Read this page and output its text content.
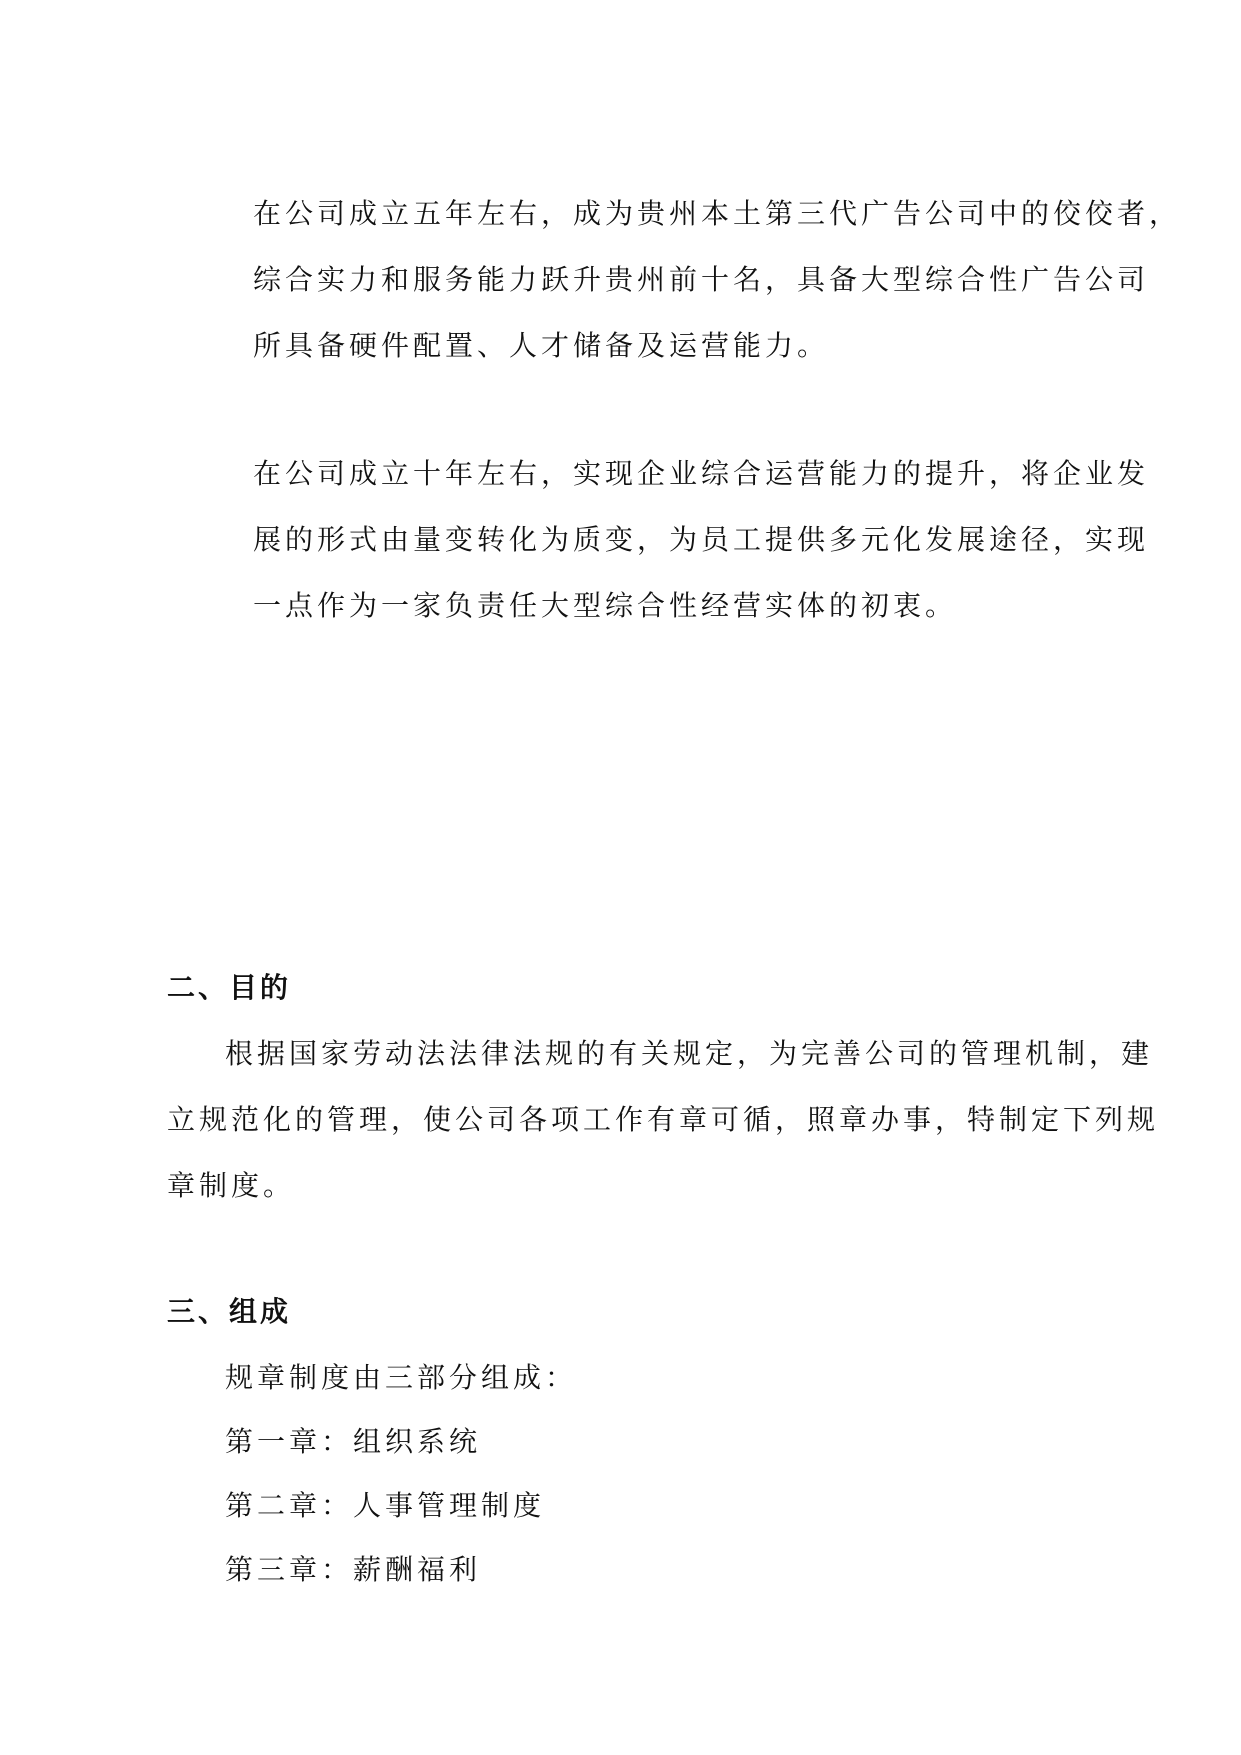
在公司成立五年左右，成为贵州本土第三代广告公司中的佼佼者，
综合实力和服务能力跃升贵州前十名，具备大型综合性广告公司
所具备硬件配置、人才储备及运营能力。
在公司成立十年左右，实现企业综合运营能力的提升，将企业发
展的形式由量变转化为质变，为员工提供多元化发展途径，实现
一点作为一家负责任大型综合性经营实体的初衷。
二、目的
根据国家劳动法法律法规的有关规定，为完善公司的管理机制，建
立规范化的管理，使公司各项工作有章可循，照章办事，特制定下列规
章制度。
三、组成
规章制度由三部分组成：
第一章：组织系统
第二章：人事管理制度
第三章：薪酬福利
